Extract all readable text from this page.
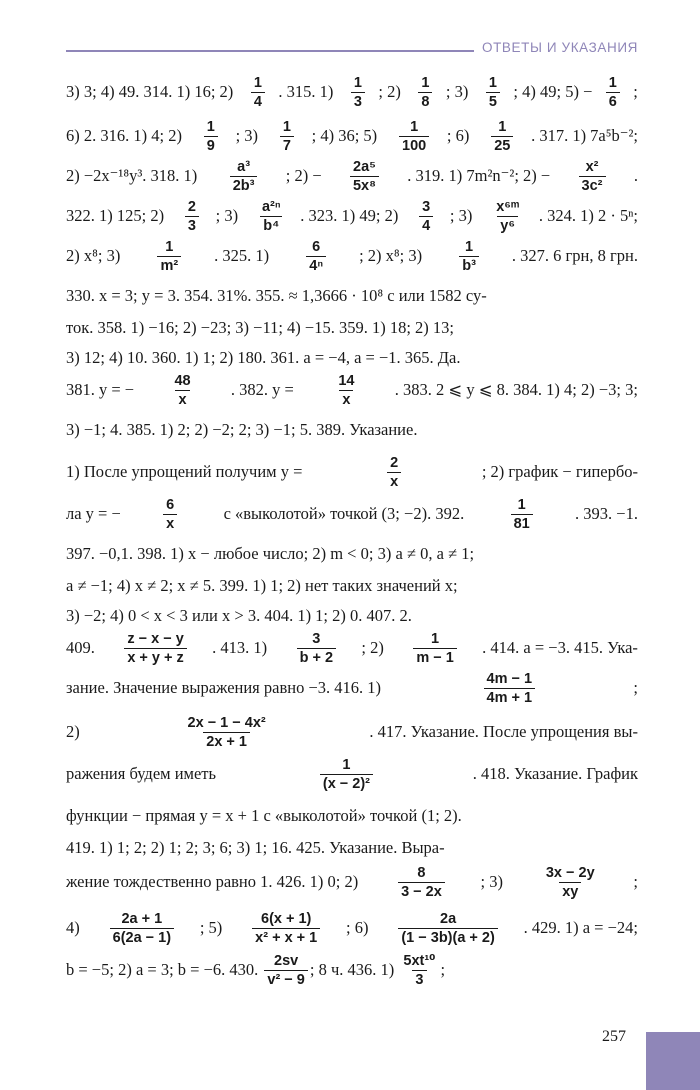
ОТВЕТЫ И УКАЗАНИЯ
3) 3; 4) 49. 314. 1) 16; $2) \frac{1}{4}$ . 315. $1) \frac{1}{3}$ ; $2) \frac{1}{8}$ ; $3) \frac{1}{5}$ ; 4) 49; $5) - \frac{1}{6}$ ;
6) 2. 316. 1) 4; $2) \frac{1}{9}$ ; $3) \frac{1}{7}$ ; 4) 36; $5) \frac{1}{100}$ ; $6) \frac{1}{25}$ . 317. 1) 7a⁵b⁻²;
2) −2x⁻¹⁸y³. 318. $1) \frac{\text{a³}}{\text{2b³}}$ ; $2) - \frac{\text{2a⁵}}{\text{5x⁸}}$ . 319. 1) 7m²n⁻²; $2) - \frac{\text{x²}}{\text{3c²}}$ .
322. 1) 125; $2) \frac{2}{3}$ ; $3) \frac{\text{a²ⁿ}}{\text{b⁴}}$ . 323. 1) 49; $2) \frac{3}{4}$ ; $3) \frac{\text{x⁶ᵐ}}{\text{y⁶}}$ . 324. 1) 2 · 5ⁿ;
2) x⁸; $3) \frac{1}{\text{m²}}$ . 325. $1) \frac{6}{\text{4ⁿ}}$ ; 2) x⁸; $3) \frac{1}{\text{b³}}$ . 327. 6 грн, 8 грн.
330. x = 3; y = 3. 354. 31%. 355. ≈ 1,3666 · 10⁸ с или 1582 су-
ток. 358. 1) −16; 2) −23; 3) −11; 4) −15. 359. 1) 18; 2) 13;
3) 12; 4) 10. 360. 1) 1; 2) 180. 361. a = −4, a = −1. 365. Да.
381. y = −	$\frac{48}{x}$ . 382. y =	$\frac{14}{x}$ . 383. 2 ⩽ y ⩽ 8. 384. 1) 4; 2) −3; 3;
3) −1; 4. 385. 1) 2; 2) −2; 2; 3) −1; 5. 389. Указание.
1) После упрощений получим y =	$\frac{2}{x}$	; 2) график − гипербо-
ла y = −	$\frac{6}{x}$	с «выколотой» точкой (3; −2). 392.	$\frac{1}{81}$	. 393. −1.
397. −0,1. 398. 1) x − любое число; 2) m < 0; 3) a ≠ 0, a ≠ 1;
a ≠ −1; 4) x ≠ 2; x ≠ 5. 399. 1) 1; 2) нет таких значений x;
3) −2; 4) 0 < x < 3 или x > 3. 404. 1) 1; 2) 0. 407. 2.
409. $\frac{z - x - y}{x + y + z}$ . 413. $1) \frac{3}{b + 2}$ ; $2) \frac{1}{m - 1}$ . 414. a = −3. 415. Ука-
зание. Значение выражения равно −3. 416. 1)	$\frac{4m - 1}{4m + 1}$	;
2)	$\frac{\text{2x − 1 − 4x²}}{2x + 1}$	. 417. Указание. После упрощения вы-
ражения будем иметь	$\frac{1}{\text{(x − 2)²}}$	. 418. Указание. График
функции − прямая y = x + 1 с «выколотой» точкой (1; 2).
419. 1) 1; 2; 2) 1; 2; 3; 6; 3) 1; 16. 425. Указание. Выра-
жение тождественно равно 1. 426. 1) 0; $2) \frac{8}{3 - 2x}$ ; $3) \frac{3x - 2y}{xy}$ ;
$4) \frac{2a + 1}{6(2a - 1)}$ ; $5) \frac{6(x + 1)}{\text{x² + x + 1}}$ ; $6) \frac{2a}{(1 - 3b)(a + 2)}$ . 429. 1) a = −24;
b = −5; 2) a = 3; b = −6. 430. $\frac{2sv}{\text{v² − 9}}$ ; 8 ч. 436. $1) \frac{\text{5xt¹⁰}}{3}$ ;
257
